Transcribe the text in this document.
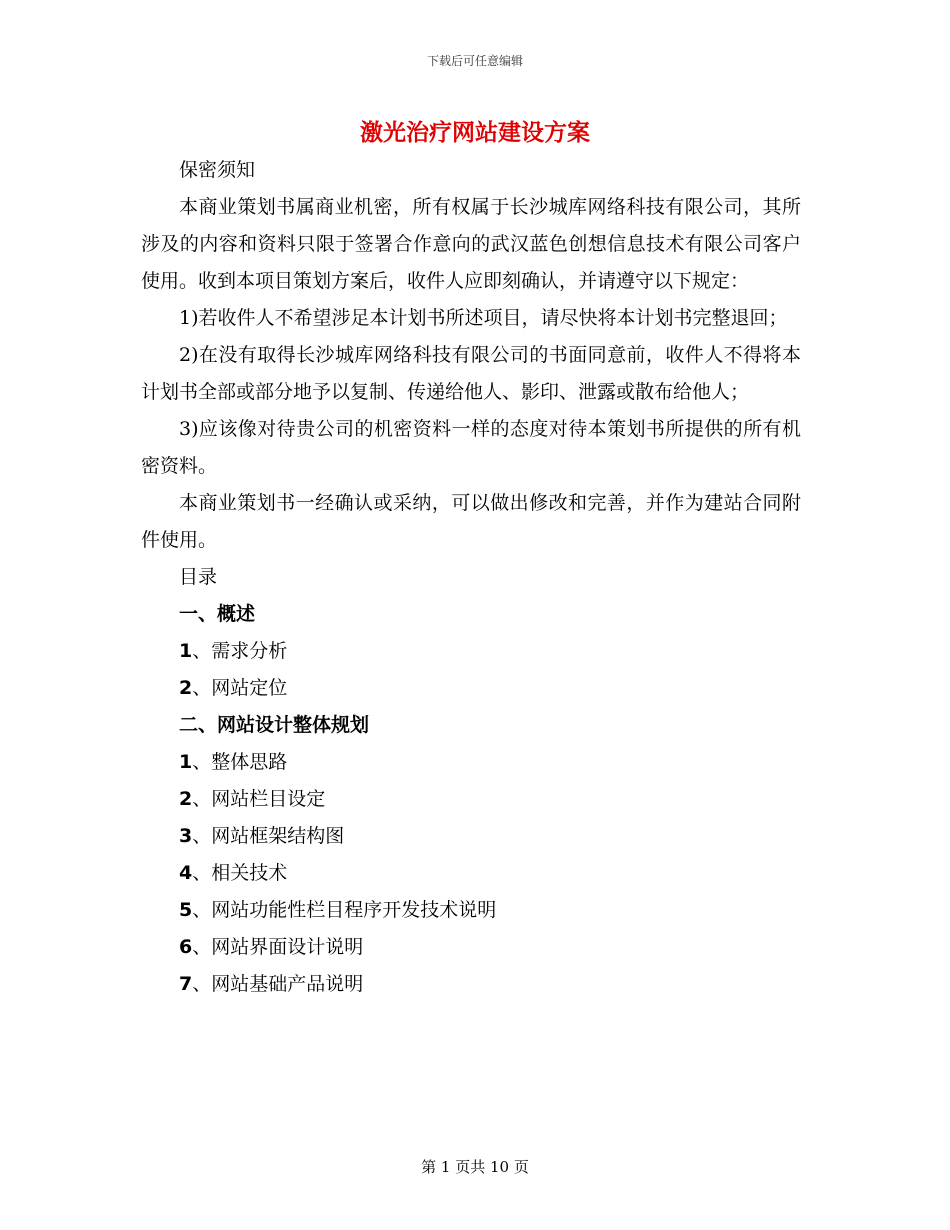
下载后可任意编辑
激光治疗网站建设方案

保密须知

本商业策划书属商业机密，所有权属于长沙城库网络科技有限公司，其所涉及的内容和资料只限于签署合作意向的武汉蓝色创想信息技术有限公司客户使用。收到本项目策划方案后，收件人应即刻确认，并请遵守以下规定：

1)若收件人不希望涉足本计划书所述项目，请尽快将本计划书完整退回；

2)在没有取得长沙城库网络科技有限公司的书面同意前，收件人不得将本计划书全部或部分地予以复制、传递给他人、影印、泄露或散布给他人；

3)应该像对待贵公司的机密资料一样的态度对待本策划书所提供的所有机密资料。

本商业策划书一经确认或采纳，可以做出修改和完善，并作为建站合同附件使用。

目录

一、概述

1、需求分析

2、网站定位

二、网站设计整体规划

1、整体思路

2、网站栏目设定

3、网站框架结构图

4、相关技术

5、网站功能性栏目程序开发技术说明

6、网站界面设计说明

7、网站基础产品说明

第 1 页共 10 页
